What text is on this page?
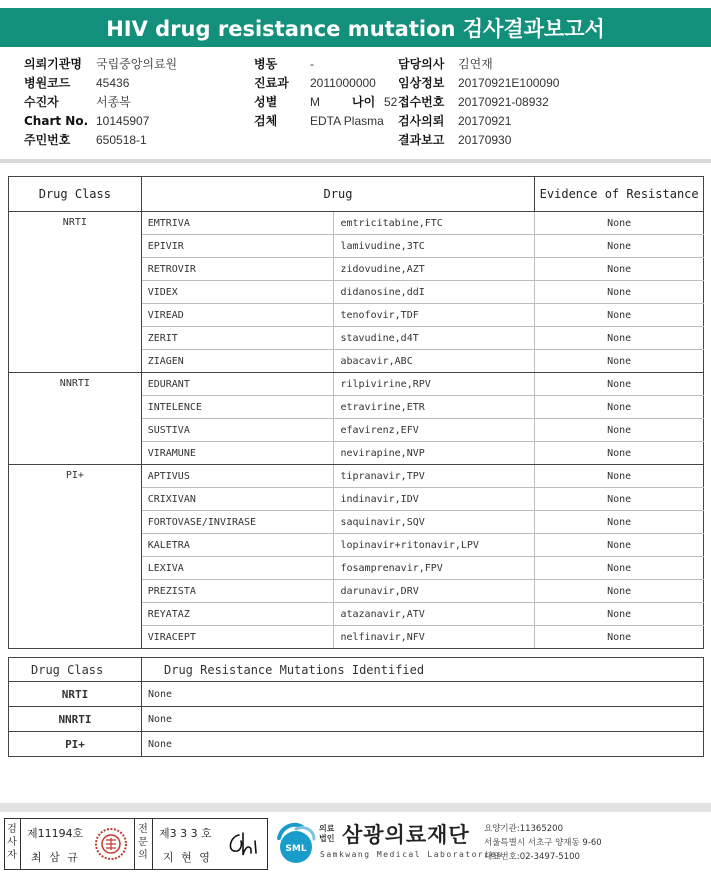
HIV drug resistance mutation 검사결과보고서
의뢰기관명	국립중앙의료원
병원코드	45436
수진자	서종복
Chart No. 10145907
주민번호	650518-1
병동	-
진료과	2011000000
성별	M	나이 52
검체	EDTA Plasma
담당의사	김연재
임상정보	20170921E100090
접수번호	20170921-08932
검사의뢰	20170921
결과보고	20170930
Drug Class	Drug		Evidence of Resistance
NRTI	EMTRIVA	emtricitabine,FTC	None
	EPIVIR	lamivudine,3TC	None
	RETROVIR	zidovudine,AZT	None
	VIDEX	didanosine,ddI	None
	VIREAD	tenofovir,TDF	None
	ZERIT	stavudine,d4T	None
	ZIAGEN	abacavir,ABC	None
NNRTI	EDURANT	rilpivirine,RPV	None
	INTELENCE	etravirine,ETR	None
	SUSTIVA	efavirenz,EFV	None
	VIRAMUNE	nevirapine,NVP	None
PI+	APTIVUS	tipranavir,TPV	None
	CRIXIVAN	indinavir,IDV	None
	FORTOVASE/INVIRASE	saquinavir,SQV	None
	KALETRA	lopinavir+ritonavir,LPV	None
	LEXIVA	fosamprenavir,FPV	None
	PREZISTA	darunavir,DRV	None
	REYATAZ	atazanavir,ATV	None
	VIRACEPT	nelfinavir,NFV	None
Drug Class	Drug Resistance Mutations Identified
NRTI	None
NNRTI	None
PI+	None
검사자
제11194호
최 삼 규
전문의
제3 3 3 호
지 현 영
SML
의료
법인 삼광의료재단
Samkwang Medical Laboratories
요양기관:11365200
서울특별시 서초구 양재동 9-60
대표번호:02-3497-5100
